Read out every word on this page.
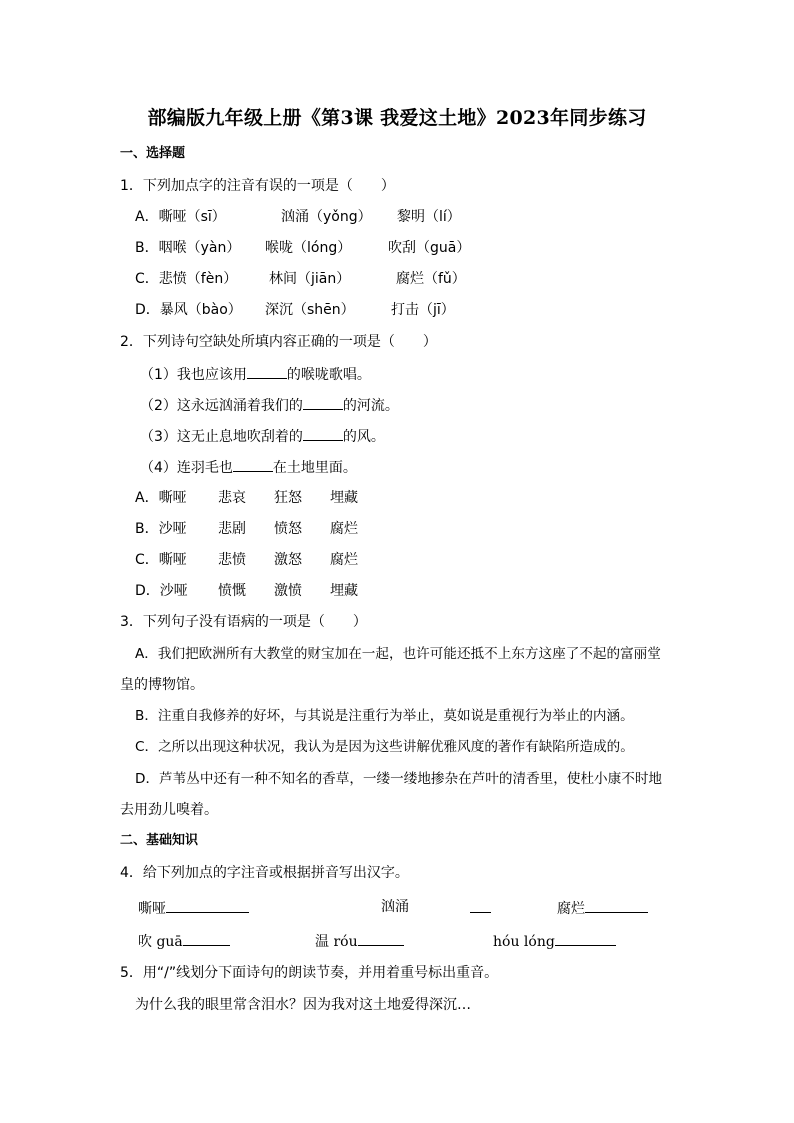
部编版九年级上册《第3课 我爱这土地》2023年同步练习
一、选择题
1．下列加点字的注音有误的一项是（　　）
A．嘶哑（sī）	汹涌（yǒng） 黎明（lí）
B．咽喉（yàn） 喉咙（lóng）	吹刮（guā）
C．悲愤（fèn） 林间（jiān）	腐烂（fǔ）
D．暴风（bào） 深沉（shēn）	打击（jī）
2．下列诗句空缺处所填内容正确的一项是（　　）
（1）我也应该用	的喉咙歌唱。
（2）这永远汹涌着我们的	的河流。
（3）这无止息地吹刮着的	的风。
（4）连羽毛也	在土地里面。
A．嘶哑 悲哀 狂怒 埋藏
B．沙哑 悲剧 愤怒 腐烂
C．嘶哑 悲愤 激怒 腐烂
D．沙哑 愤慨 激愤 埋藏
3．下列句子没有语病的一项是（　　）
A．我们把欧洲所有大教堂的财宝加在一起，也许可能还抵不上东方这座了不起的富丽堂
皇的博物馆。
B．注重自我修养的好坏，与其说是注重行为举止，莫如说是重视行为举止的内涵。
C．之所以出现这种状况，我认为是因为这些讲解优雅风度的著作有缺陷所造成的。
D．芦苇丛中还有一种不知名的香草，一缕一缕地掺杂在芦叶的清香里，使杜小康不时地
去用劲儿嗅着。
二、基础知识
4．给下列加点的字注音或根据拼音写出汉字。
嘶哑	汹涌	腐烂
吹 guā	温 róu	hóu lóng
5．用“/”线划分下面诗句的朗读节奏，并用着重号标出重音。
为什么我的眼里常含泪水？因为我对这土地爱得深沉…
